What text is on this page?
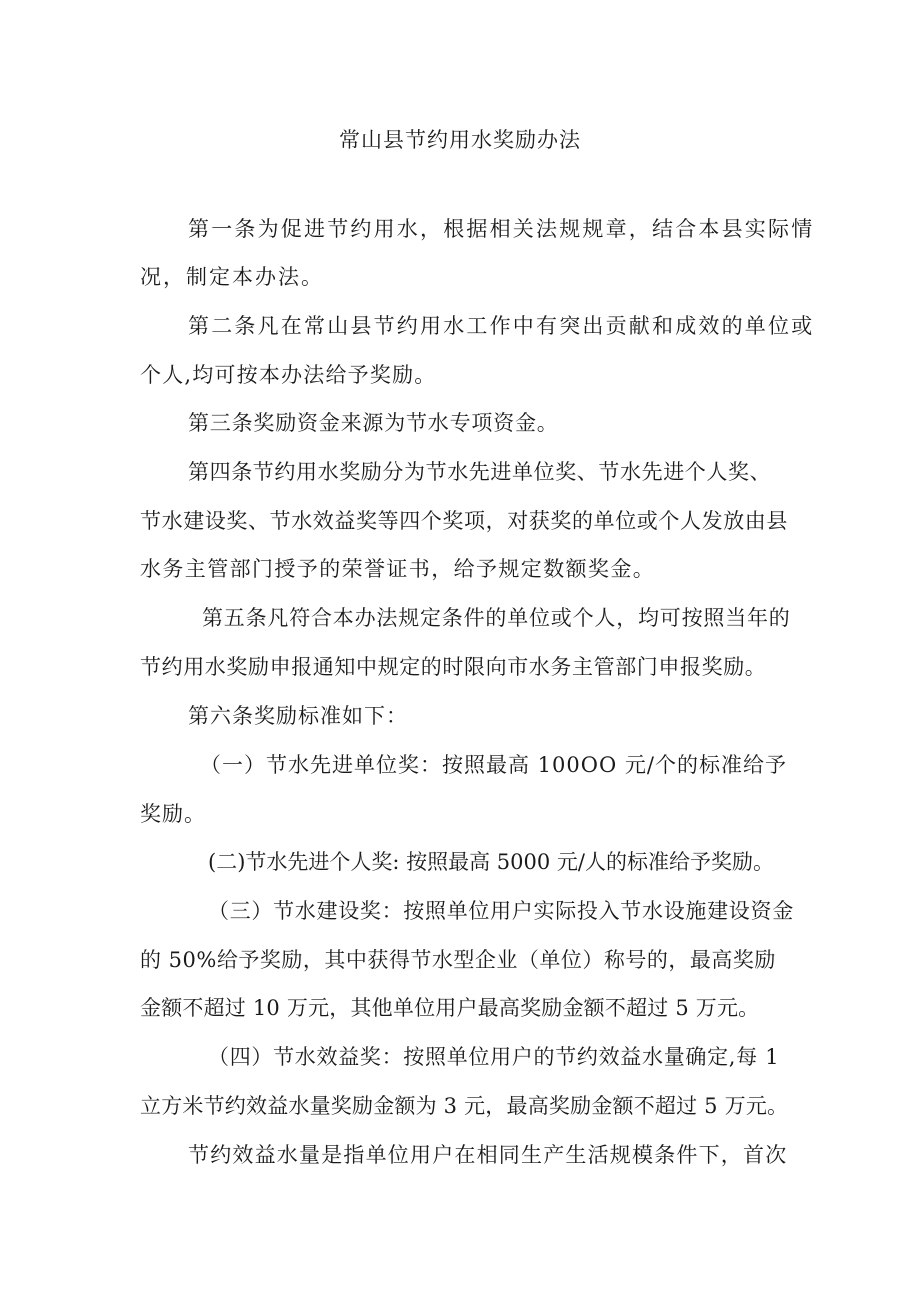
常山县节约用水奖励办法
第一条为促进节约用水，根据相关法规规章，结合本县实际情
况，制定本办法。
第二条凡在常山县节约用水工作中有突出贡献和成效的单位或
个人,均可按本办法给予奖励。
第三条奖励资金来源为节水专项资金。
第四条节约用水奖励分为节水先进单位奖、节水先进个人奖、
节水建设奖、节水效益奖等四个奖项，对获奖的单位或个人发放由县
水务主管部门授予的荣誉证书，给予规定数额奖金。
第五条凡符合本办法规定条件的单位或个人，均可按照当年的
节约用水奖励申报通知中规定的时限向市水务主管部门申报奖励。
第六条奖励标准如下：
（一）节水先进单位奖：按照最高 100OO 元/个的标准给予
奖励。
(二)节水先进个人奖: 按照最高 5000 元/人的标准给予奖励。
（三）节水建设奖：按照单位用户实际投入节水设施建设资金
的 50%给予奖励，其中获得节水型企业（单位）称号的，最高奖励
金额不超过 10 万元，其他单位用户最高奖励金额不超过 5 万元。
（四）节水效益奖：按照单位用户的节约效益水量确定,每 1
立方米节约效益水量奖励金额为 3 元，最高奖励金额不超过 5 万元。
节约效益水量是指单位用户在相同生产生活规模条件下，首次
